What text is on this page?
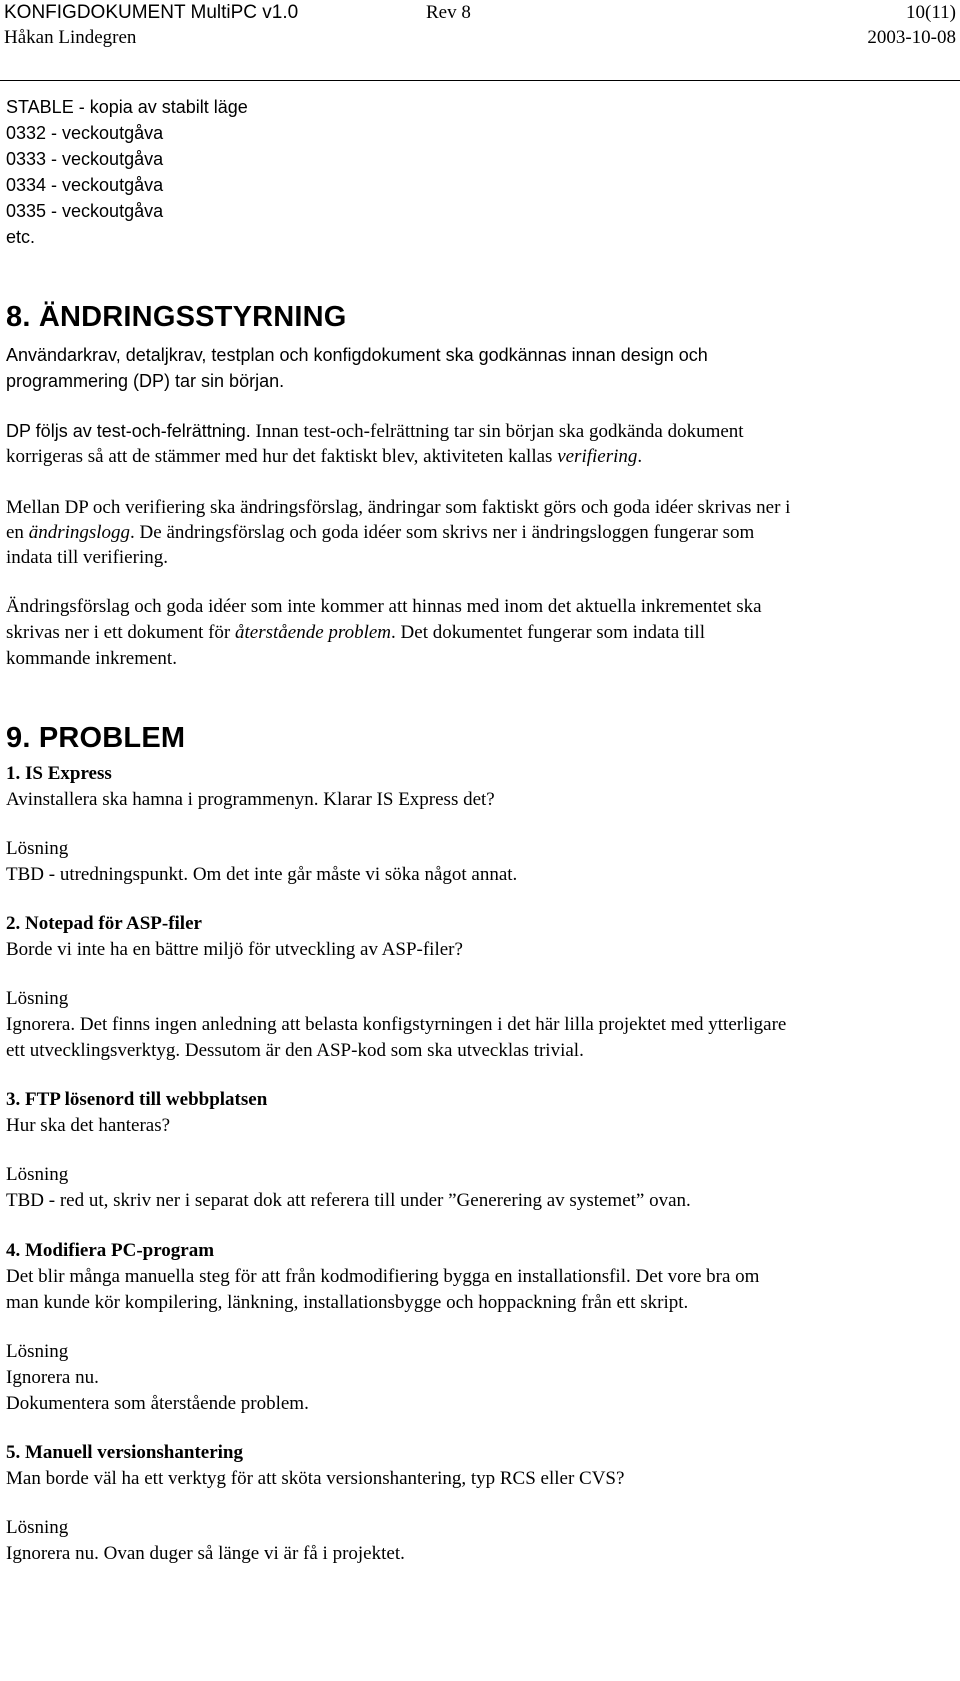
KONFIGDOKUMENT MultiPC v1.0	Rev 8	10(11)
Håkan Lindegren	2003-10-08
STABLE - kopia av stabilt läge
0332 - veckoutgåva
0333 - veckoutgåva
0334 - veckoutgåva
0335 - veckoutgåva
etc.
8. ÄNDRINGSSTYRNING
Användarkrav, detaljkrav, testplan och konfigdokument ska godkännas innan design och
programmering (DP) tar sin början.
DP följs av test-och-felrättning. Innan test-och-felrättning tar sin början ska godkända dokument
korrigeras så att de stämmer med hur det faktiskt blev, aktiviteten kallas verifiering.
Mellan DP och verifiering ska ändringsförslag, ändringar som faktiskt görs och goda idéer skrivas ner i
en ändringslogg. De ändringsförslag och goda idéer som skrivs ner i ändringsloggen fungerar som
indata till verifiering.
Ändringsförslag och goda idéer som inte kommer att hinnas med inom det aktuella inkrementet ska
skrivas ner i ett dokument för återstående problem. Det dokumentet fungerar som indata till
kommande inkrement.
9. PROBLEM
1. IS Express
Avinstallera ska hamna i programmenyn. Klarar IS Express det?
Lösning
TBD - utredningspunkt. Om det inte går måste vi söka något annat.
2. Notepad för ASP-filer
Borde vi inte ha en bättre miljö för utveckling av ASP-filer?
Lösning
Ignorera. Det finns ingen anledning att belasta konfigstyrningen i det här lilla projektet med ytterligare
ett utvecklingsverktyg. Dessutom är den ASP-kod som ska utvecklas trivial.
3. FTP lösenord till webbplatsen
Hur ska det hanteras?
Lösning
TBD - red ut, skriv ner i separat dok att referera till under ”Generering av systemet” ovan.
4. Modifiera PC-program
Det blir många manuella steg för att från kodmodifiering bygga en installationsfil. Det vore bra om
man kunde kör kompilering, länkning, installationsbygge och hoppackning från ett skript.
Lösning
Ignorera nu.
Dokumentera som återstående problem.
5. Manuell versionshantering
Man borde väl ha ett verktyg för att sköta versionshantering, typ RCS eller CVS?
Lösning
Ignorera nu. Ovan duger så länge vi är få i projektet.
